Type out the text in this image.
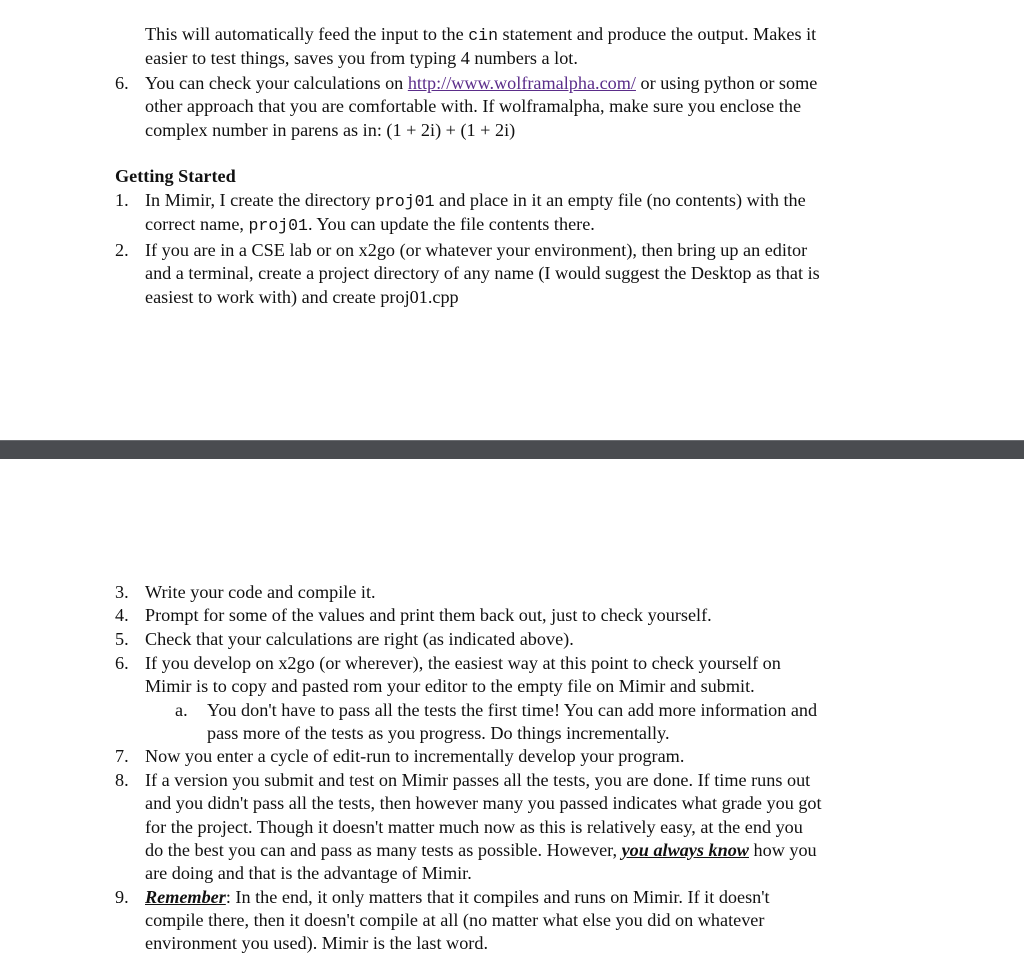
This will automatically feed the input to the cin statement and produce the output. Makes it
easier to test things, saves you from typing 4 numbers a lot.
6. You can check your calculations on http://www.wolframalpha.com/ or using python or some
other approach that you are comfortable with. If wolframalpha, make sure you enclose the
complex number in parens as in: (1 + 2i) + (1 + 2i)
Getting Started
1. In Mimir, I create the directory proj01 and place in it an empty file (no contents) with the
correct name, proj01. You can update the file contents there.
2. If you are in a CSE lab or on x2go (or whatever your environment), then bring up an editor
and a terminal, create a project directory of any name (I would suggest the Desktop as that is
easiest to work with) and create proj01.cpp
3. Write your code and compile it.
4. Prompt for some of the values and print them back out, just to check yourself.
5. Check that your calculations are right (as indicated above).
6. If you develop on x2go (or wherever), the easiest way at this point to check yourself on
Mimir is to copy and pasted rom your editor to the empty file on Mimir and submit.
a. You don't have to pass all the tests the first time! You can add more information and
pass more of the tests as you progress. Do things incrementally.
7. Now you enter a cycle of edit-run to incrementally develop your program.
8. If a version you submit and test on Mimir passes all the tests, you are done. If time runs out
and you didn't pass all the tests, then however many you passed indicates what grade you got
for the project. Though it doesn't matter much now as this is relatively easy, at the end you
do the best you can and pass as many tests as possible. However, you always know how you
are doing and that is the advantage of Mimir.
9. Remember: In the end, it only matters that it compiles and runs on Mimir. If it doesn't
compile there, then it doesn't compile at all (no matter what else you did on whatever
environment you used). Mimir is the last word.
